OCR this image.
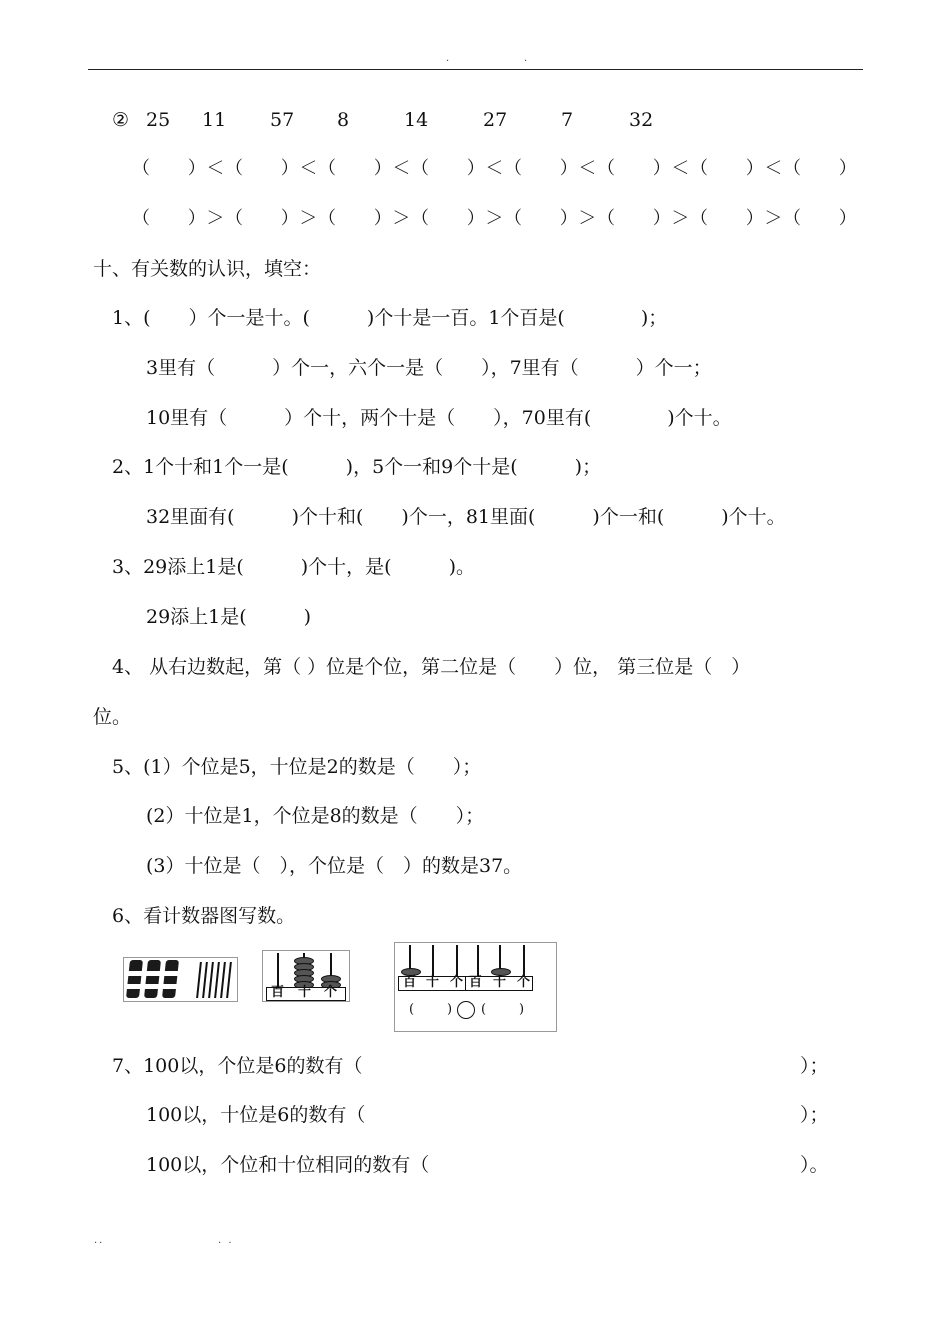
·	·
② 25 11 57 8	14	27	7	32
（　　）＜（　　）＜（　　）＜（　　）＜（　　）＜（　　）＜（　　）＜（　　）
（　　）＞（　　）＞（　　）＞（　　）＞（　　）＞（　　）＞（　　）＞（　　）
十、有关数的认识，填空：
1、(　　）个一是十。(　　　)个十是一百。1个百是(　　　　)；
3里有（　　　）个一，六个一是（　　），7里有（　　　）个一；
10里有（　　　）个十，两个十是（　　），70里有(　　　　)个十。
2、1个十和1个一是(　　　)，5个一和9个十是(　　　)；
32里面有(　　　)个十和(　　)个一，81里面(　　　)个一和(　　　)个十。
3、29添上1是(　　　)个十，是(　　　)。
29添上1是(　　　)
4、 从右边数起，第（ ）位是个位，第二位是（　　）位， 第三位是（　）
位。
5、(1）个位是5，十位是2的数是（　　）；
(2）十位是1，个位是8的数是（　　）；
(3）十位是（　），个位是（　）的数是37。
6、看计数器图写数。
百 十 个
百 十 个 百 十 个
(	) (	)
7、100以，个位是6的数有（	）；
100以，十位是6的数有（	）；
100以，个位和十位相同的数有（	）。
··	· ·
